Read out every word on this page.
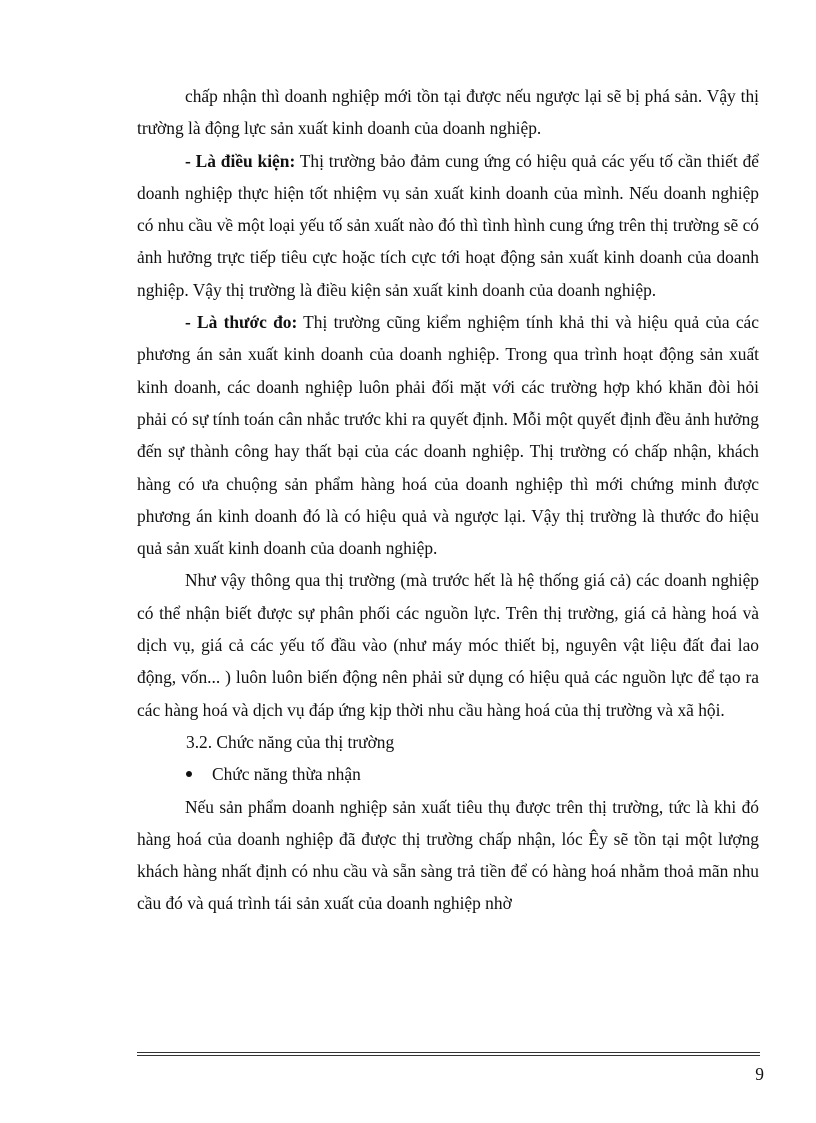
chấp nhận thì doanh nghiệp mới tồn tại được nếu ngược lại sẽ bị phá sản. Vậy thị trường là động lực sản xuất kinh doanh của doanh nghiệp.

- Là điều kiện: Thị trường bảo đảm cung ứng có hiệu quả các yếu tố cần thiết để doanh nghiệp thực hiện tốt nhiệm vụ sản xuất kinh doanh của mình. Nếu doanh nghiệp có nhu cầu về một loại yếu tố sản xuất nào đó thì tình hình cung ứng trên thị trường sẽ có ảnh hưởng trực tiếp tiêu cực hoặc tích cực tới hoạt động sản xuất kinh doanh của doanh nghiệp. Vậy thị trường là điều kiện sản xuất kinh doanh của doanh nghiệp.

- Là thước đo: Thị trường cũng kiểm nghiệm tính khả thi và hiệu quả của các phương án sản xuất kinh doanh của doanh nghiệp. Trong qua trình hoạt động sản xuất kinh doanh, các doanh nghiệp luôn phải đối mặt với các trường hợp khó khăn đòi hỏi phải có sự tính toán cân nhắc trước khi ra quyết định. Mỗi một quyết định đều ảnh hưởng đến sự thành công hay thất bại của các doanh nghiệp. Thị trường có chấp nhận, khách hàng có ưa chuộng sản phẩm hàng hoá của doanh nghiệp thì mới chứng minh được phương án kinh doanh đó là có hiệu quả và ngược lại. Vậy thị trường là thước đo hiệu quả sản xuất kinh doanh của doanh nghiệp.

Như vậy thông qua thị trường (mà trước hết là hệ thống giá cả) các doanh nghiệp có thể nhận biết được sự phân phối các nguồn lực. Trên thị trường, giá cả hàng hoá và dịch vụ, giá cả các yếu tố đầu vào (như máy móc thiết bị, nguyên vật liệu đất đai lao động, vốn... ) luôn luôn biến động nên phải sử dụng có hiệu quả các nguồn lực để tạo ra các hàng hoá và dịch vụ đáp ứng kịp thời nhu cầu hàng hoá của thị trường và xã hội.

3.2. Chức năng của thị trường
Chức năng thừa nhận

Nếu sản phẩm doanh nghiệp sản xuất tiêu thụ được trên thị trường, tức là khi đó hàng hoá của doanh nghiệp đã được thị trường chấp nhận, lóc Êy sẽ tồn tại một lượng khách hàng nhất định có nhu cầu và sẵn sàng trả tiền để có hàng hoá nhằm thoả mãn nhu cầu đó và quá trình tái sản xuất của doanh nghiệp nhờ

9
